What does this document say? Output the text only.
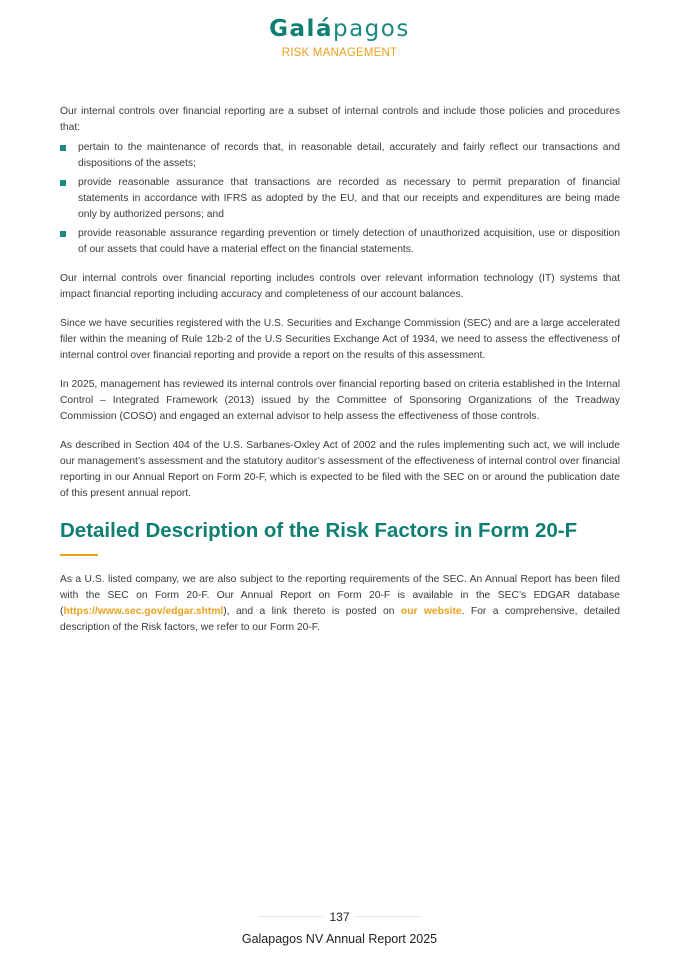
Galápagos
RISK MANAGEMENT

Our internal controls over financial reporting are a subset of internal controls and include those policies and procedures that:

pertain to the maintenance of records that, in reasonable detail, accurately and fairly reflect our transactions and dispositions of the assets;
provide reasonable assurance that transactions are recorded as necessary to permit preparation of financial statements in accordance with IFRS as adopted by the EU, and that our receipts and expenditures are being made only by authorized persons; and
provide reasonable assurance regarding prevention or timely detection of unauthorized acquisition, use or disposition of our assets that could have a material effect on the financial statements.

Our internal controls over financial reporting includes controls over relevant information technology (IT) systems that impact financial reporting including accuracy and completeness of our account balances.

Since we have securities registered with the U.S. Securities and Exchange Commission (SEC) and are a large accelerated filer within the meaning of Rule 12b-2 of the U.S Securities Exchange Act of 1934, we need to assess the effectiveness of internal control over financial reporting and provide a report on the results of this assessment.

In 2025, management has reviewed its internal controls over financial reporting based on criteria established in the Internal Control – Integrated Framework (2013) issued by the Committee of Sponsoring Organizations of the Treadway Commission (COSO) and engaged an external advisor to help assess the effectiveness of those controls.

As described in Section 404 of the U.S. Sarbanes-Oxley Act of 2002 and the rules implementing such act, we will include our management’s assessment and the statutory auditor’s assessment of the effectiveness of internal control over financial reporting in our Annual Report on Form 20-F, which is expected to be filed with the SEC on or around the publication date of this present annual report.

Detailed Description of the Risk Factors in Form 20-F

As a U.S. listed company, we are also subject to the reporting requirements of the SEC. An Annual Report has been filed with the SEC on Form 20-F. Our Annual Report on Form 20-F is available in the SEC’s EDGAR database (https://www.sec.gov/edgar.shtml), and a link thereto is posted on our website. For a comprehensive, detailed description of the Risk factors, we refer to our Form 20-F.

137
Galapagos NV Annual Report 2025
